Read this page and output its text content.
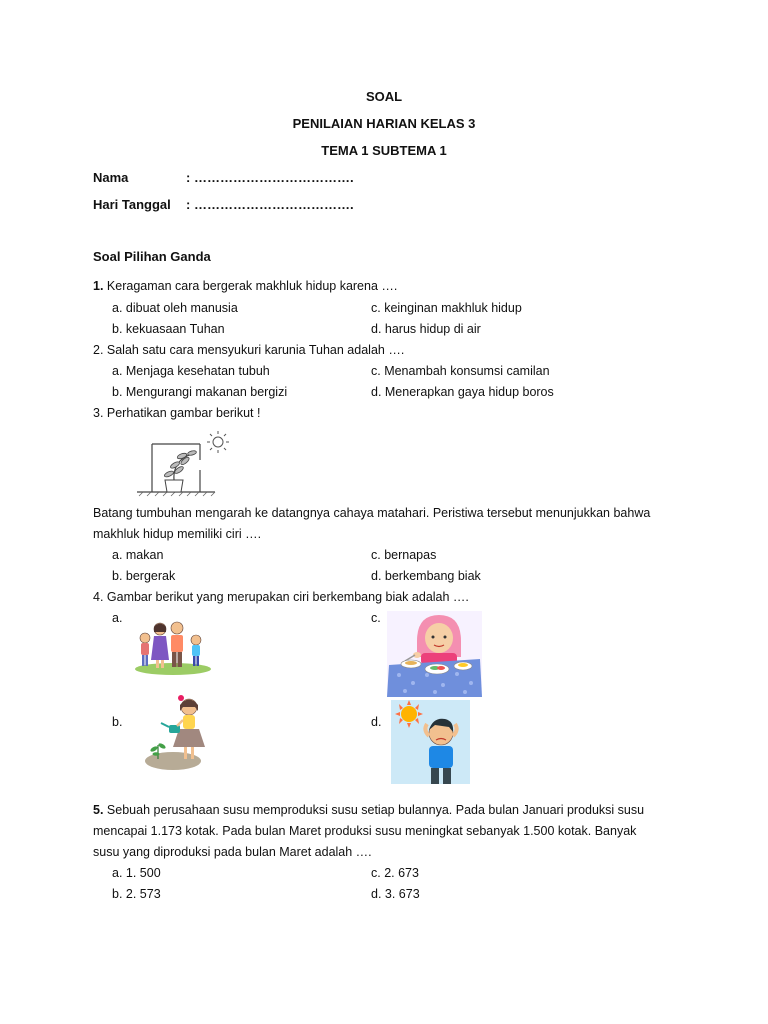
SOAL
PENILAIAN HARIAN KELAS 3
TEMA 1 SUBTEMA 1
Nama	: ……………………………….
Hari Tanggal : ……………………………….
Soal Pilihan Ganda
1. Keragaman cara bergerak makhluk hidup karena ….
a. dibuat oleh manusia	c. keinginan makhluk hidup
b. kekuasaan Tuhan	d. harus hidup di air
2. Salah satu cara mensyukuri karunia Tuhan adalah ….
a. Menjaga kesehatan tubuh	c. Menambah konsumsi camilan
b. Mengurangi makanan bergizi	d. Menerapkan gaya hidup boros
3. Perhatikan gambar berikut !
Batang tumbuhan mengarah ke datangnya cahaya matahari. Peristiwa tersebut menunjukkan bahwa
makhluk hidup memiliki ciri ….
a. makan	c. bernapas
b. bergerak	d. berkembang biak
4. Gambar berikut yang merupakan ciri berkembang biak adalah ….
a.	c.
b.	d.
5. Sebuah perusahaan susu memproduksi susu setiap bulannya. Pada bulan Januari produksi susu
mencapai 1.173 kotak. Pada bulan Maret produksi susu meningkat sebanyak 1.500 kotak. Banyak
susu yang diproduksi pada bulan Maret adalah ….
a. 1. 500	c. 2. 673
b. 2. 573	d. 3. 673
